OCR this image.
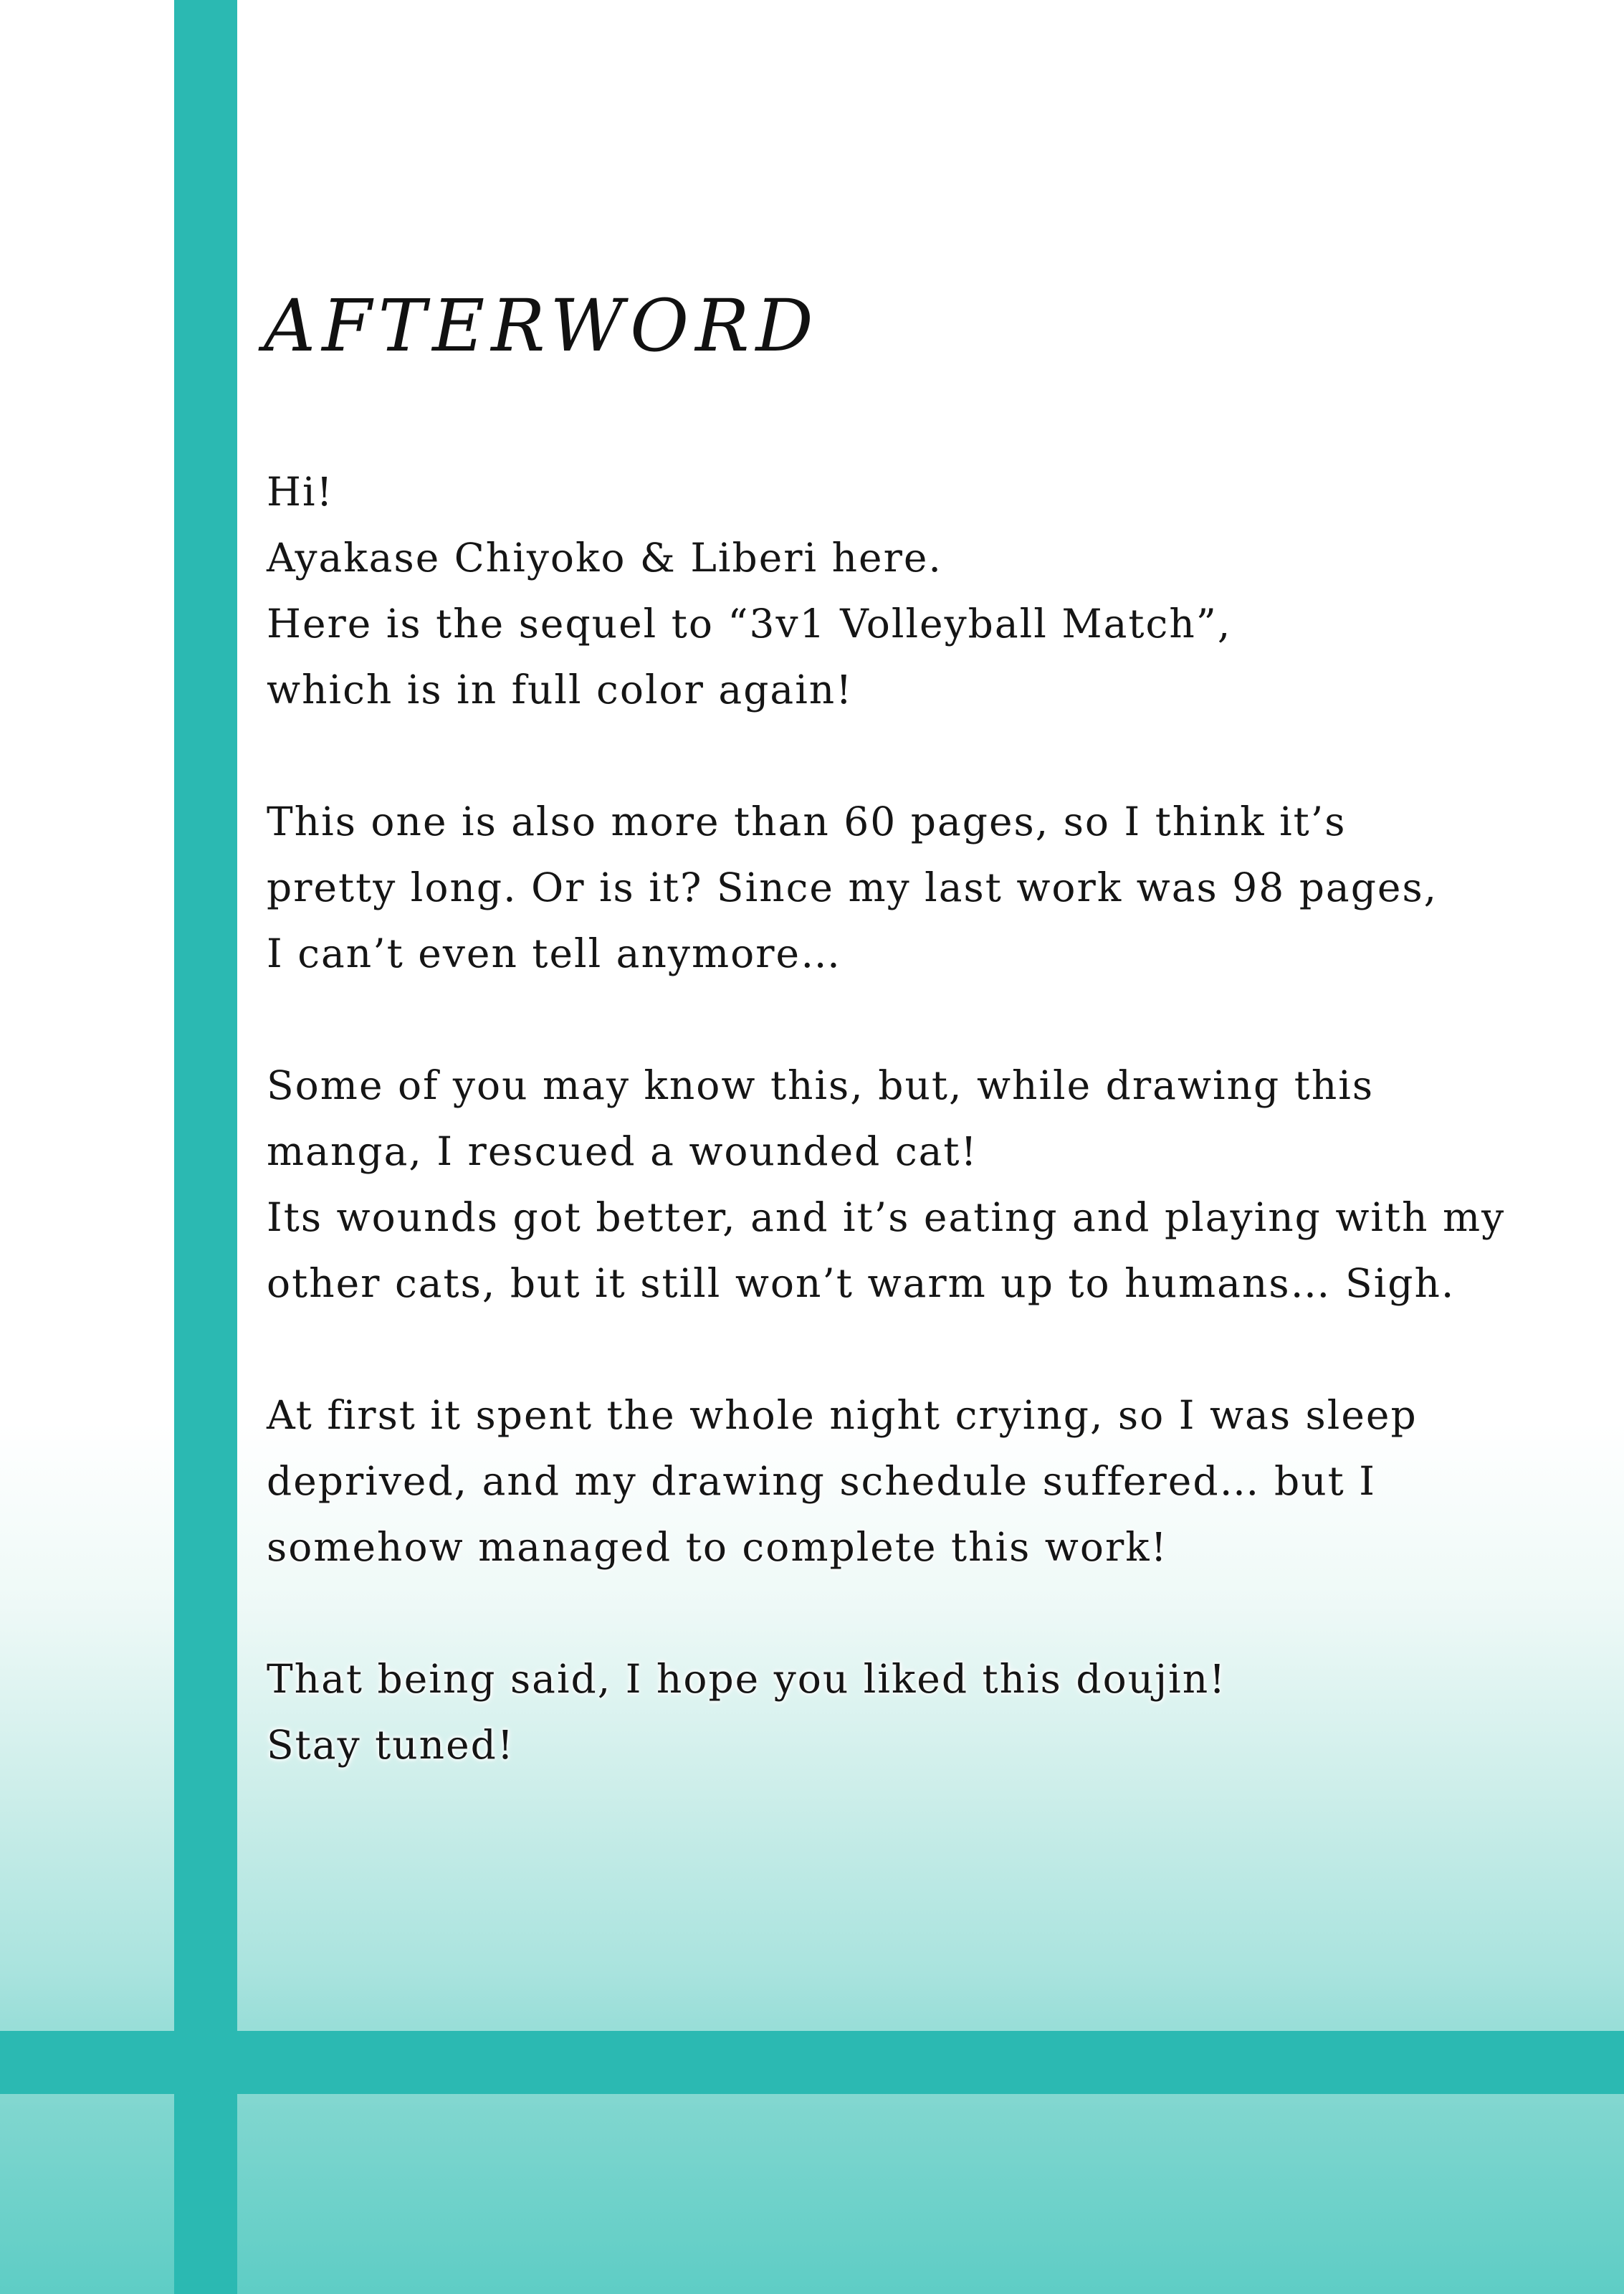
AFTERWORD

Hi!
Ayakase Chiyoko & Liberi here.
Here is the sequel to “3v1 Volleyball Match”,
which is in full color again!

This one is also more than 60 pages, so I think it’s
pretty long. Or is it? Since my last work was 98 pages,
I can’t even tell anymore…

Some of you may know this, but, while drawing this
manga, I rescued a wounded cat!
Its wounds got better, and it’s eating and playing with my
other cats, but it still won’t warm up to humans… Sigh.

At first it spent the whole night crying, so I was sleep
deprived, and my drawing schedule suffered… but I
somehow managed to complete this work!

That being said, I hope you liked this doujin!
Stay tuned!
